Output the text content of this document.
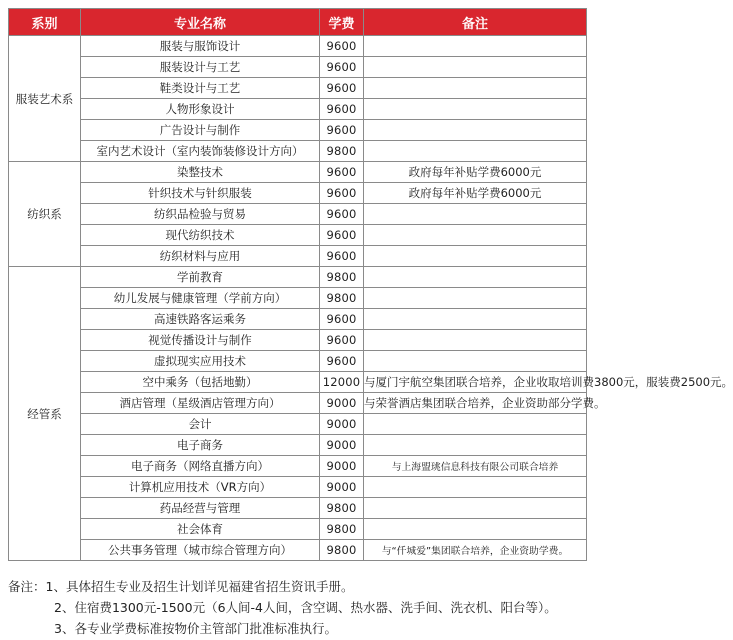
系别	专业名称	学费	备注
服装艺术系	服装与服饰设计	9600	
	服装设计与工艺	9600	
	鞋类设计与工艺	9600	
	人物形象设计	9600	
	广告设计与制作	9600	
	室内艺术设计（室内装饰装修设计方向）	9800	
纺织系	染整技术	9600	政府每年补贴学费6000元
	针织技术与针织服装	9600	政府每年补贴学费6000元
	纺织品检验与贸易	9600	
	现代纺织技术	9600	
	纺织材料与应用	9600	
经管系	学前教育	9800	
	幼儿发展与健康管理（学前方向）	9800	
	高速铁路客运乘务	9600	
	视觉传播设计与制作	9600	
	虚拟现实应用技术	9600	
	空中乘务（包括地勤）	12000	与厦门宇航空集团联合培养，企业收取培训费3800元，服装费2500元。
	酒店管理（星级酒店管理方向）	9000	与荣誉酒店集团联合培养，企业资助部分学费。
	会计	9000	
	电子商务	9000	
	电子商务（网络直播方向）	9000	与上海盟珧信息科技有限公司联合培养
	计算机应用技术（VR方向）	9000	
	药品经营与管理	9800	
	社会体育	9800	
	公共事务管理（城市综合管理方向）	9800	与“仟城爱”集团联合培养，企业资助学费。
备注：1、具体招生专业及招生计划详见福建省招生资讯手册。
2、住宿费1300元-1500元（6人间-4人间，含空调、热水器、洗手间、洗衣机、阳台等）。
3、各专业学费标准按物价主管部门批准标准执行。
